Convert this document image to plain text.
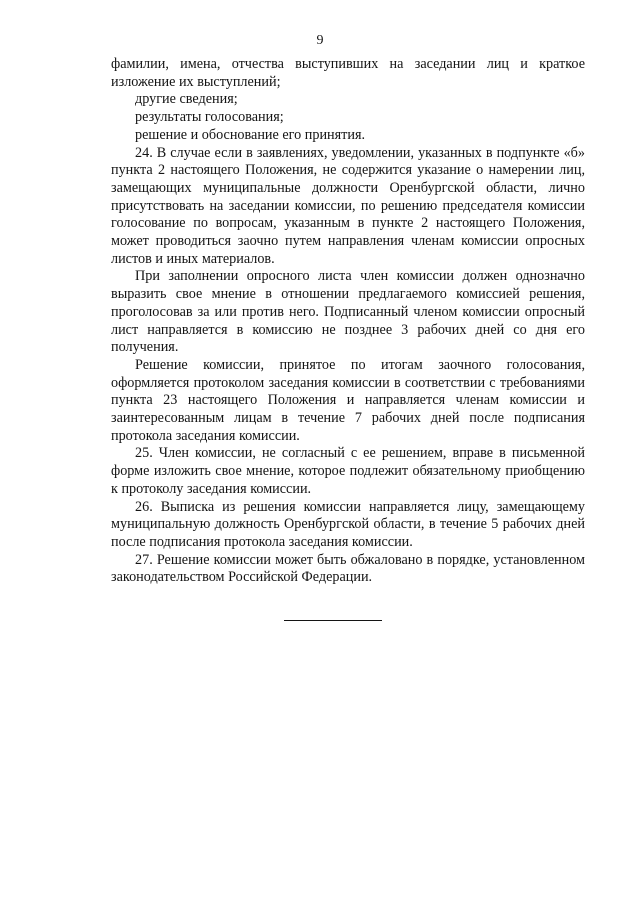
9

фамилии, имена, отчества выступивших на заседании лиц и краткое изложение их выступлений;

другие сведения;

результаты голосования;

решение и обоснование его принятия.

24. В случае если в заявлениях, уведомлении, указанных в подпункте «б» пункта 2 настоящего Положения, не содержится указание о намерении лиц, замещающих муниципальные должности Оренбургской области, лично присутствовать на заседании комиссии, по решению председателя комиссии голосование по вопросам, указанным в пункте 2 настоящего Положения, может проводиться заочно путем направления членам комиссии опросных листов и иных материалов.

При заполнении опросного листа член комиссии должен однозначно выразить свое мнение в отношении предлагаемого комиссией решения, проголосовав за или против него. Подписанный членом комиссии опросный лист направляется в комиссию не позднее 3 рабочих дней со дня его получения.

Решение комиссии, принятое по итогам заочного голосования, оформляется протоколом заседания комиссии в соответствии с требованиями пункта 23 настоящего Положения и направляется членам комиссии и заинтересованным лицам в течение 7 рабочих дней после подписания протокола заседания комиссии.

25. Член комиссии, не согласный с ее решением, вправе в письменной форме изложить свое мнение, которое подлежит обязательному приобщению к протоколу заседания комиссии.

26. Выписка из решения комиссии направляется лицу, замещающему муниципальную должность Оренбургской области, в течение 5 рабочих дней после подписания протокола заседания комиссии.

27. Решение комиссии может быть обжаловано в порядке, установленном законодательством Российской Федерации.
